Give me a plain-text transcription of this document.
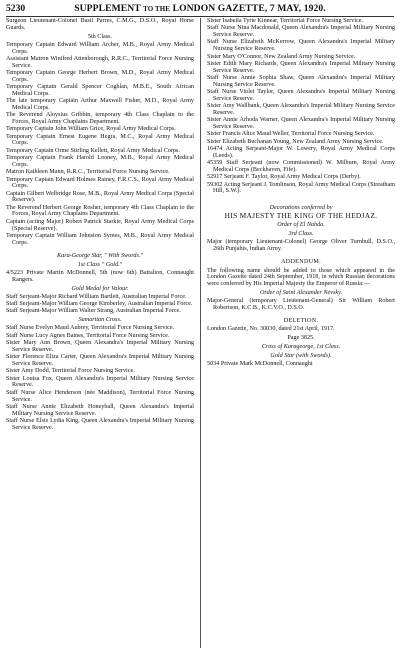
5230	SUPPLEMENT TO THE LONDON GAZETTE, 7 MAY, 1920.

Surgeon Lieutenant-Colonel Basil Parres, C.M.G., D.S.O., Royal Horse Guards.

5th Class.

Temporary Captain Edward William Archer, M.B., Royal Army Medical Corps.

Assistant Matron Winifred Attenborough, R.R.C., Territorial Force Nursing Service.

Temporary Captain George Herbert Brown, M.D., Royal Army Medical Corps.

Temporary Captain Gerald Spencer Coghlan, M.B.E., South African Medical Corps.

The late temporary Captain Arthur Maxwell Fisher, M.D., Royal Army Medical Corps.

The Reverend Aloysius Gribbin, temporary 4th Class Chaplain to the Forces, Royal Army Chaplains Department.

Temporary Captain John William Grice, Royal Army Medical Corps.

Temporary Captain Ernest Eugene Hegra, M.C., Royal Army Medical Corps.

Temporary Captain Orme Stirling Kellett, Royal Army Medical Corps.

Temporary Captain Frank Harold Looney, M.B., Royal Army Medical Corps.

Matron Kathleen Mann, R.R.C., Territorial Force Nursing Service.

Temporary Captain Edward Holmes Rainey, F.R.C.S., Royal Army Medical Corps.

Captain Gilbert Welbridge Rose, M.B., Royal Army Medical Corps (Special Reserve).

The Reverend Herbert George Rosher, temporary 4th Class Chaplain to the Forces, Royal Army Chaplains Department.

Captain (acting Major) Robert Patrick Starkie, Royal Army Medical Corps (Special Reserve).

Temporary Captain William Johnston Symes, M.B., Royal Army Medical Corps.

Kara-George Star, " With Swords."
1st Class " Gold."

4/5223 Private Martin McDonnell, 5th (now 6th) Battalion, Connaught Rangers.

Gold Medal for Valour.

Staff Serjeant-Major Richard William Bartlett, Australian Imperial Force.

Staff Serjeant-Major William George Kimberley, Australian Imperial Force.

Staff Serjeant-Major William Walter Strang, Australian Imperial Force.

Samaritan Cross.

Staff Nurse Evelyn Maud Aubrey, Territorial Force Nursing Service.

Staff Nurse Lucy Agnes Baines, Territorial Force Nursing Service.

Sister Mary Ann Brown, Queen Alexandra's Imperial Military Nursing Service Reserve.

Sister Florence Eliza Carter, Queen Alexandra's Imperial Military Nursing Service Reserve.

Sister Amy Dodd, Territorial Force Nursing Service.

Sister Louisa Fox, Queen Alexandra's Imperial Military Nursing Service Reserve.

Staff Nurse Alice Henderson (née Maddison), Territorial Force Nursing Service.

Staff Nurse Annie Elizabeth Honeyball, Queen Alexandra's Imperial Military Nursing Service Reserve.

Staff Nurse Elsie Lydia King, Queen Alexandra's Imperial Military Nursing Service Reserve.

Sister Isabella Tyrie Kinnear, Territorial Force Nursing Service.

Staff Nurse Nina Macdonald, Queen Alexandra's Imperial Military Nursing Service Reserve.

Staff Nurse Elizabeth McKerrow, Queen Alexandra's Imperial Military Nursing Service Reserve.

Sister Mary O'Connor, New Zealand Army Nursing Service.

Sister Edith Mary Richards, Queen Alexandra's Imperial Military Nursing Service Reserve.

Staff Nurse Annie Sophia Shaw, Queen Alexandra's Imperial Military Nursing Service Reserve.

Staff Nurse Violet Taylor, Queen Alexandra's Imperial Military Nursing Service Reserve.

Sister Amy Wallbank, Queen Alexandra's Imperial Military Nursing Service Reserve.

Sister Annie Arhoda Warner, Queen Alexandra's Imperial Military Nursing Service Reserve.

Sister Francis Alice Maud Weller, Territorial Force Nursing Service.

Sister Elizabeth Buchanan Young, New Zealand Army Nursing Service.

16474 Acting Serjeant-Major W. Lowery, Royal Army Medical Corps (Leeds).

45359 Staff Serjeant (now Commissioned) W. Milburn, Royal Army Medical Corps (Beckhaven, Fife).

52917 Serjeant F. Taylor, Royal Army Medical Corps (Derby).

59302 Acting Serjeant J. Tomlinson, Royal Army Medical Corps (Streatham Hill, S.W.).

Decorations conferred by
HIS MAJESTY THE KING OF THE HEDJAZ.
Order of El Nahda.
3rd Class.

Major (temporary Lieutenant-Colonel) George Oliver Turnbull, D.S.O., 26th Punjabis, Indian Army.

ADDENDUM.

The following name should be added to those which appeared in the London Gazette dated 24th September, 1918, in which Russian decorations were conferred by His Imperial Majesty the Emperor of Russia:—

Order of Saint Alexander Nevsky.

Major-General (temporary Lieutenant-General) Sir William Robert Robertson, K.C.B., K.C.V.O., D.S.O.

DELETION.

London Gazette, No. 30030, dated 21st April, 1917.

Page 3825.
Cross of Karageorge, 1st Class.
Gold Star (with Swords).

5034 Private Mark McDonnell, Connaught
